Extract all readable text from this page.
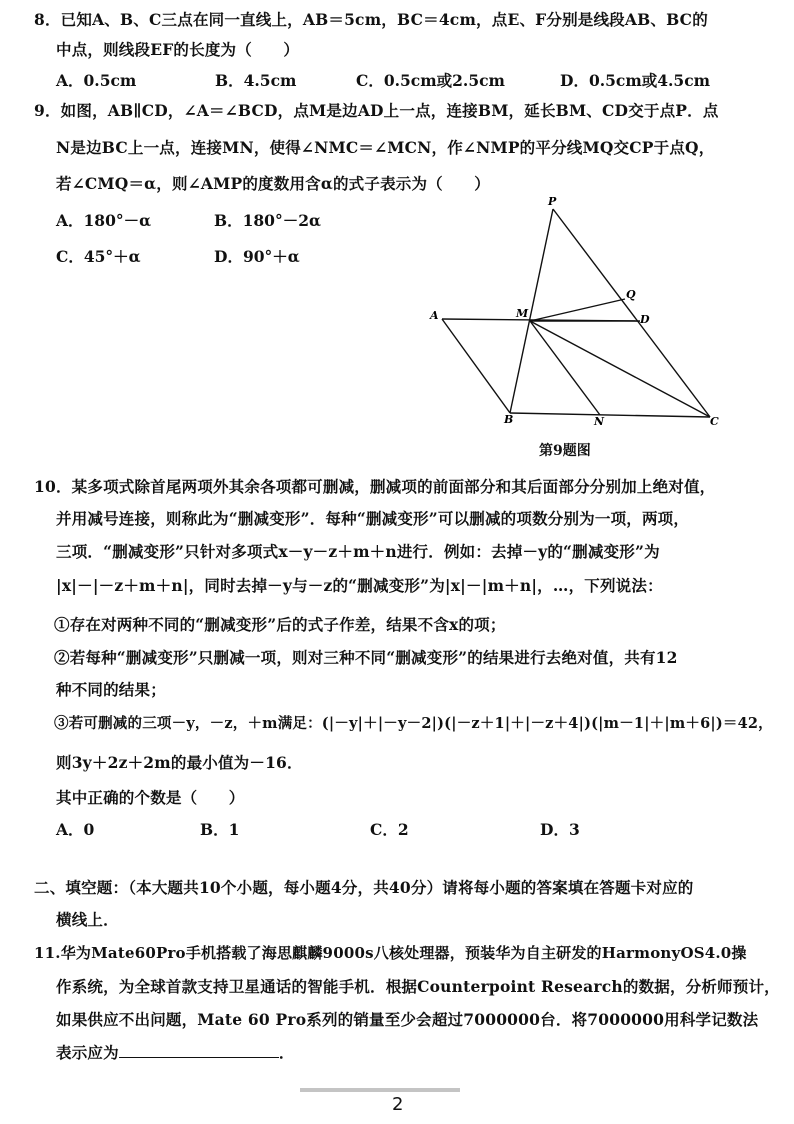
8．已知A、B、C三点在同一直线上，AB＝5cm，BC＝4cm，点E、F分别是线段AB、BC的
中点，则线段EF的长度为（　　）
A．0.5cm	B．4.5cm	C．0.5cm或2.5cm	D．0.5cm或4.5cm
9．如图，AB∥CD，∠A＝∠BCD，点M是边AD上一点，连接BM，延长BM、CD交于点P．点
N是边BC上一点，连接MN，使得∠NMC＝∠MCN，作∠NMP的平分线MQ交CP于点Q，
若∠CMQ＝α，则∠AMP的度数用含α的式子表示为（　　）
A．180°－α	B．180°－2α
C．45°＋α	D．90°＋α
P
Q
A	M	D
B	N	C
第9题图
10．某多项式除首尾两项外其余各项都可删减，删减项的前面部分和其后面部分分别加上绝对值，
并用减号连接，则称此为“删减变形”．每种“删减变形”可以删减的项数分别为一项，两项，
三项．“删减变形”只针对多项式x－y－z＋m＋n进行．例如：去掉－y的“删减变形”为
|x|－|－z＋m＋n|，同时去掉－y与－z的“删减变形”为|x|－|m＋n|，…，下列说法：
①存在对两种不同的“删减变形”后的式子作差，结果不含x的项；
②若每种“删减变形”只删减一项，则对三种不同“删减变形”的结果进行去绝对值，共有12
种不同的结果；
③若可删减的三项－y，－z，＋m满足：(|－y|＋|－y－2|)(|－z＋1|＋|－z＋4|)(|m－1|＋|m＋6|)＝42，
则3y＋2z＋2m的最小值为－16．
其中正确的个数是（　　）
A．0	B．1	C．2	D．3
二、填空题：（本大题共10个小题，每小题4分，共40分）请将每小题的答案填在答题卡对应的
横线上．
11.华为Mate60Pro手机搭载了海思麒麟9000s八核处理器，预装华为自主研发的HarmonyOS4.0操
作系统，为全球首款支持卫星通话的智能手机．根据Counterpoint Research的数据，分析师预计，
如果供应不出问题，Mate 60 Pro系列的销量至少会超过7000000台．将7000000用科学记数法
表示应为	．
2
